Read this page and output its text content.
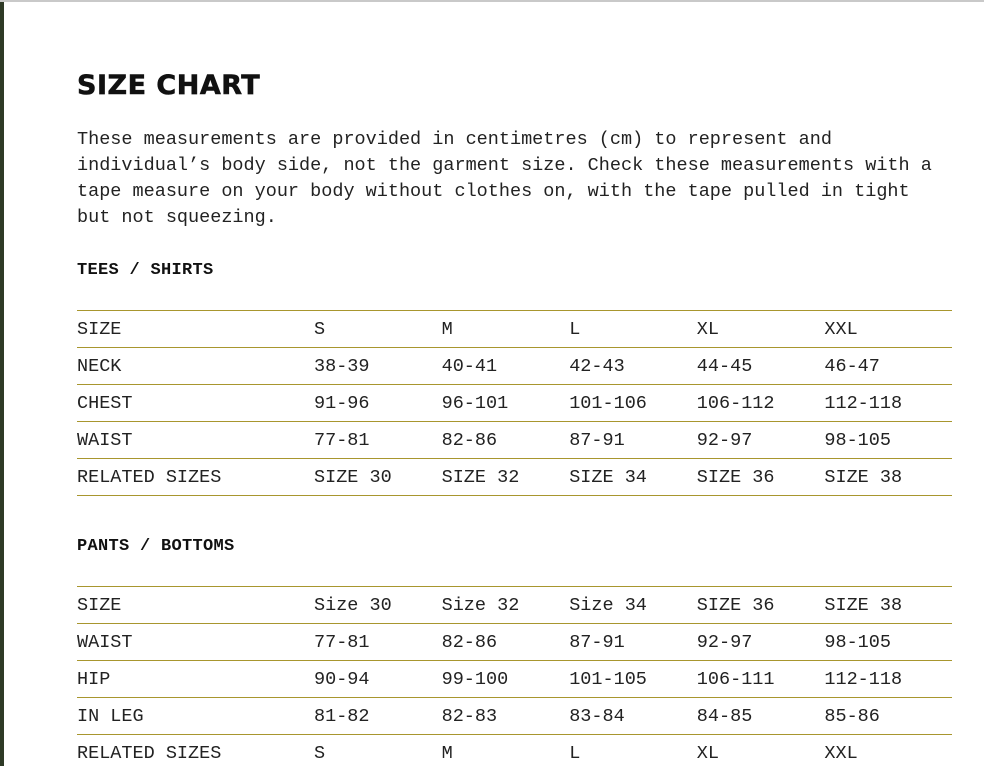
SIZE CHART

These measurements are provided in centimetres (cm) to represent and individual’s body side, not the garment size. Check these measurements with a tape measure on your body without clothes on, with the tape pulled in tight but not squeezing.

TEES / SHIRTS
SIZE	S	M	L	XL	XXL
NECK	38-39	40-41	42-43	44-45	46-47
CHEST	91-96	96-101	101-106	106-112	112-118
WAIST	77-81	82-86	87-91	92-97	98-105
RELATED SIZES	SIZE 30	SIZE 32	SIZE 34	SIZE 36	SIZE 38
PANTS / BOTTOMS
SIZE	Size 30	Size 32	Size 34	SIZE 36	SIZE 38
WAIST	77-81	82-86	87-91	92-97	98-105
HIP	90-94	99-100	101-105	106-111	112-118
IN LEG	81-82	82-83	83-84	84-85	85-86
RELATED SIZES	S	M	L	XL	XXL
